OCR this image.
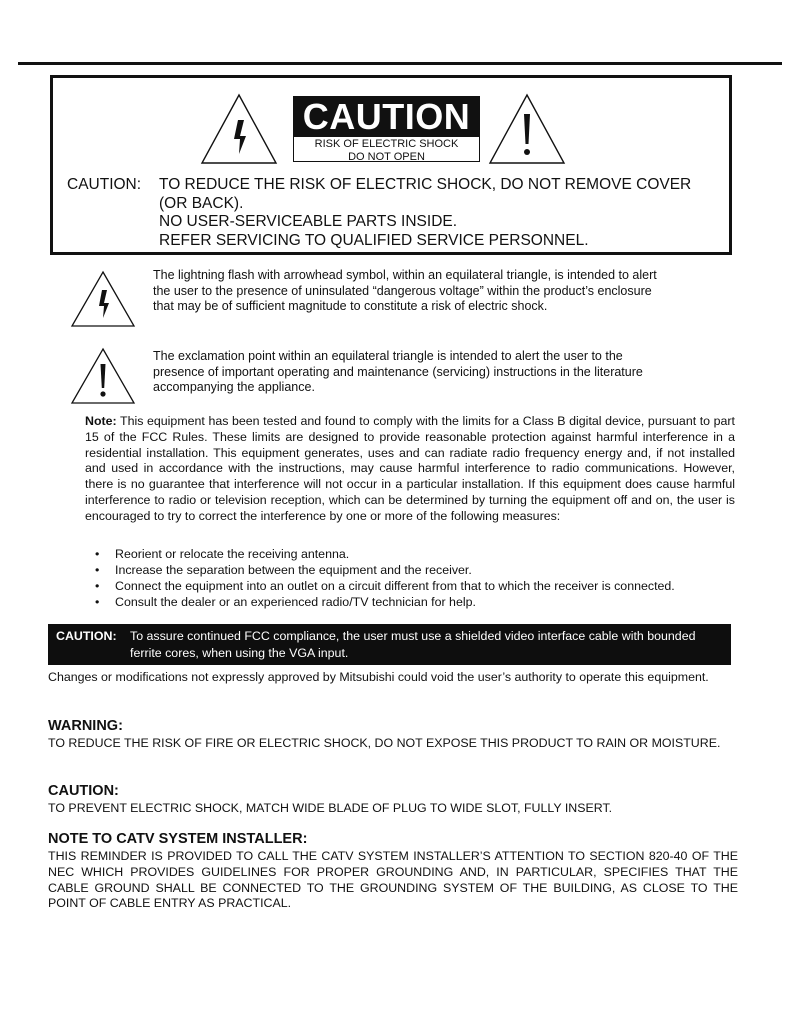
CAUTION
RISK OF ELECTRIC SHOCK
DO NOT OPEN
CAUTION: TO REDUCE THE RISK OF ELECTRIC SHOCK, DO NOT REMOVE COVER
(OR BACK).
NO USER-SERVICEABLE PARTS INSIDE.
REFER SERVICING TO QUALIFIED SERVICE PERSONNEL.
The lightning flash with arrowhead symbol, within an equilateral triangle, is intended to alert the user to the presence of uninsulated “dangerous voltage” within the product’s enclosure that may be of sufficient magnitude to constitute a risk of electric shock.
The exclamation point within an equilateral triangle is intended to alert the user to the presence of important operating and maintenance (servicing) instructions in the literature accompanying the appliance.
Note: This equipment has been tested and found to comply with the limits for a Class B digital device, pursuant to part 15 of the FCC Rules. These limits are designed to provide reasonable protection against harmful interference in a residential installation. This equipment generates, uses and can radiate radio frequency energy and, if not installed and used in accordance with the instructions, may cause harmful interference to radio communications. However, there is no guarantee that interference will not occur in a particular installation. If this equipment does cause harmful interference to radio or television reception, which can be determined by turning the equipment off and on, the user is encouraged to try to correct the interference by one or more of the following measures:
• Reorient or relocate the receiving antenna.
• Increase the separation between the equipment and the receiver.
• Connect the equipment into an outlet on a circuit different from that to which the receiver is connected.
• Consult the dealer or an experienced radio/TV technician for help.
CAUTION: To assure continued FCC compliance, the user must use a shielded video interface cable with bounded ferrite cores, when using the VGA input.
Changes or modifications not expressly approved by Mitsubishi could void the user’s authority to operate this equipment.
WARNING:
TO REDUCE THE RISK OF FIRE OR ELECTRIC SHOCK, DO NOT EXPOSE THIS PRODUCT TO RAIN OR MOISTURE.
CAUTION:
TO PREVENT ELECTRIC SHOCK, MATCH WIDE BLADE OF PLUG TO WIDE SLOT, FULLY INSERT.
NOTE TO CATV SYSTEM INSTALLER:
THIS REMINDER IS PROVIDED TO CALL THE CATV SYSTEM INSTALLER’S ATTENTION TO SECTION 820-40 OF THE NEC WHICH PROVIDES GUIDELINES FOR PROPER GROUNDING AND, IN PARTICULAR, SPECIFIES THAT THE CABLE GROUND SHALL BE CONNECTED TO THE GROUNDING SYSTEM OF THE BUILDING, AS CLOSE TO THE POINT OF CABLE ENTRY AS PRACTICAL.
